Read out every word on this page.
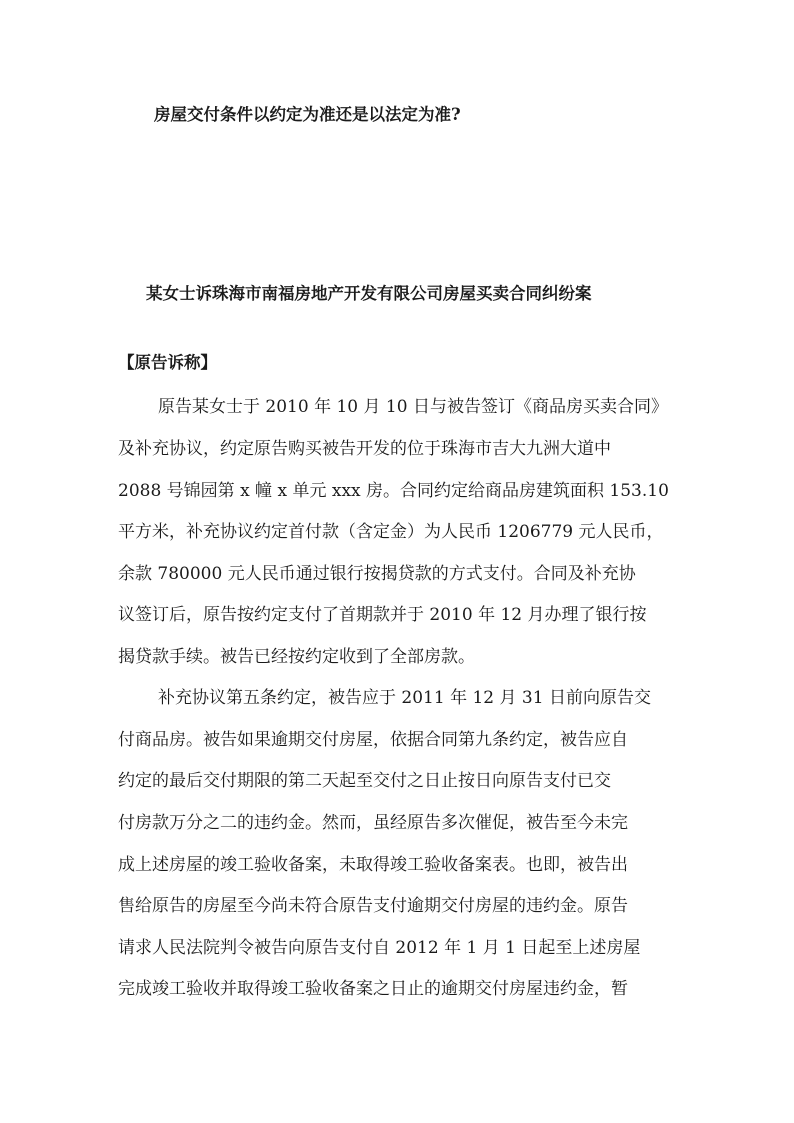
房屋交付条件以约定为准还是以法定为准?
某女士诉珠海市南福房地产开发有限公司房屋买卖合同纠纷案
【原告诉称】
原告某女士于 2010 年 10 月 10 日与被告签订《商品房买卖合同》
及补充协议，约定原告购买被告开发的位于珠海市吉大九洲大道中
2088 号锦园第 x 幢 x 单元 xxx 房。合同约定给商品房建筑面积 153.10
平方米，补充协议约定首付款（含定金）为人民币 1206779 元人民币，
余款 780000 元人民币通过银行按揭贷款的方式支付。合同及补充协
议签订后，原告按约定支付了首期款并于 2010 年 12 月办理了银行按
揭贷款手续。被告已经按约定收到了全部房款。
补充协议第五条约定，被告应于 2011 年 12 月 31 日前向原告交
付商品房。被告如果逾期交付房屋，依据合同第九条约定，被告应自
约定的最后交付期限的第二天起至交付之日止按日向原告支付已交
付房款万分之二的违约金。然而，虽经原告多次催促，被告至今未完
成上述房屋的竣工验收备案，未取得竣工验收备案表。也即，被告出
售给原告的房屋至今尚未符合原告支付逾期交付房屋的违约金。原告
请求人民法院判令被告向原告支付自 2012 年 1 月 1 日起至上述房屋
完成竣工验收并取得竣工验收备案之日止的逾期交付房屋违约金，暂
